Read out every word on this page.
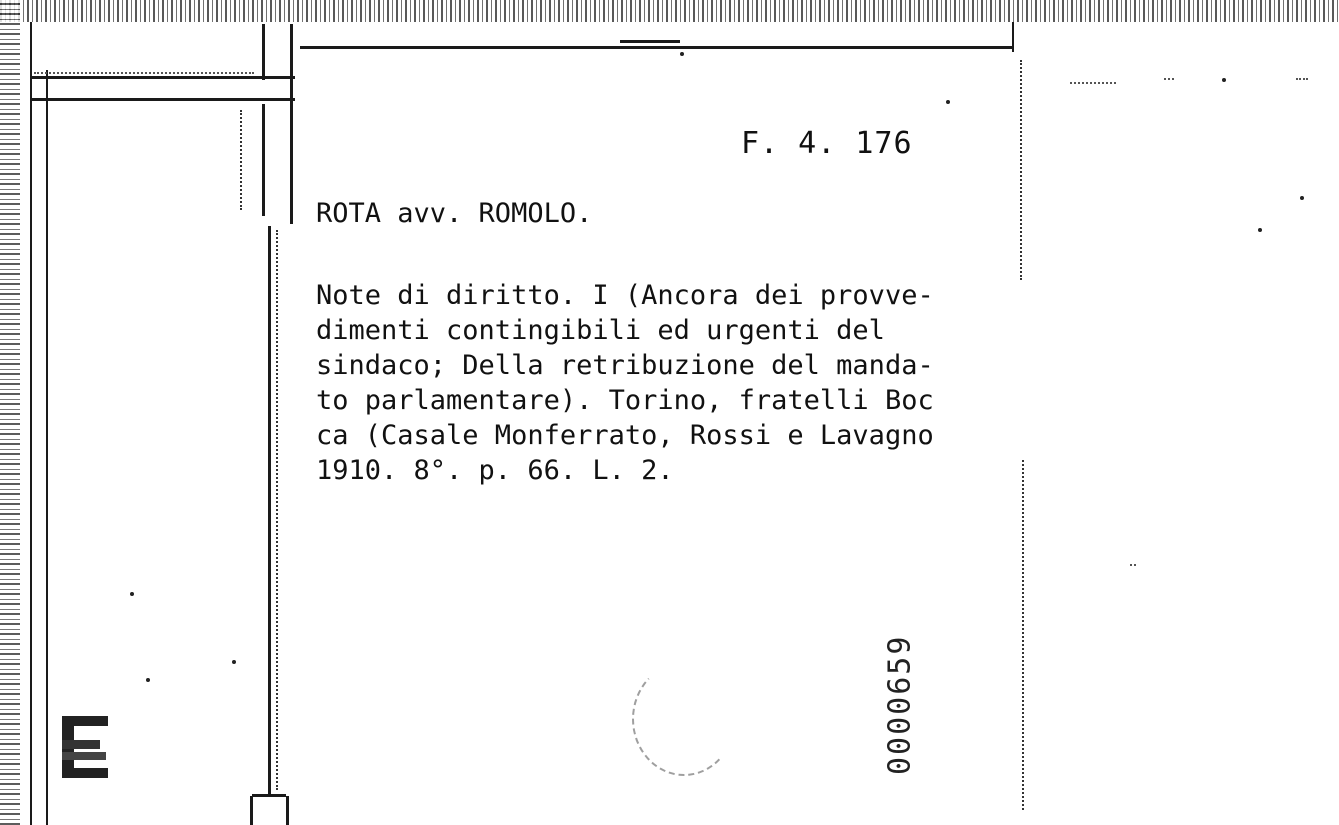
F. 4. 176
ROTA avv. ROMOLO.
Note di diritto. I (Ancora dei provve-
dimenti contingibili ed urgenti del
sindaco; Della retribuzione del manda-
to parlamentare). Torino, fratelli Boc
ca (Casale Monferrato, Rossi e Lavagno
1910. 8°. p. 66. L. 2.
0000659
